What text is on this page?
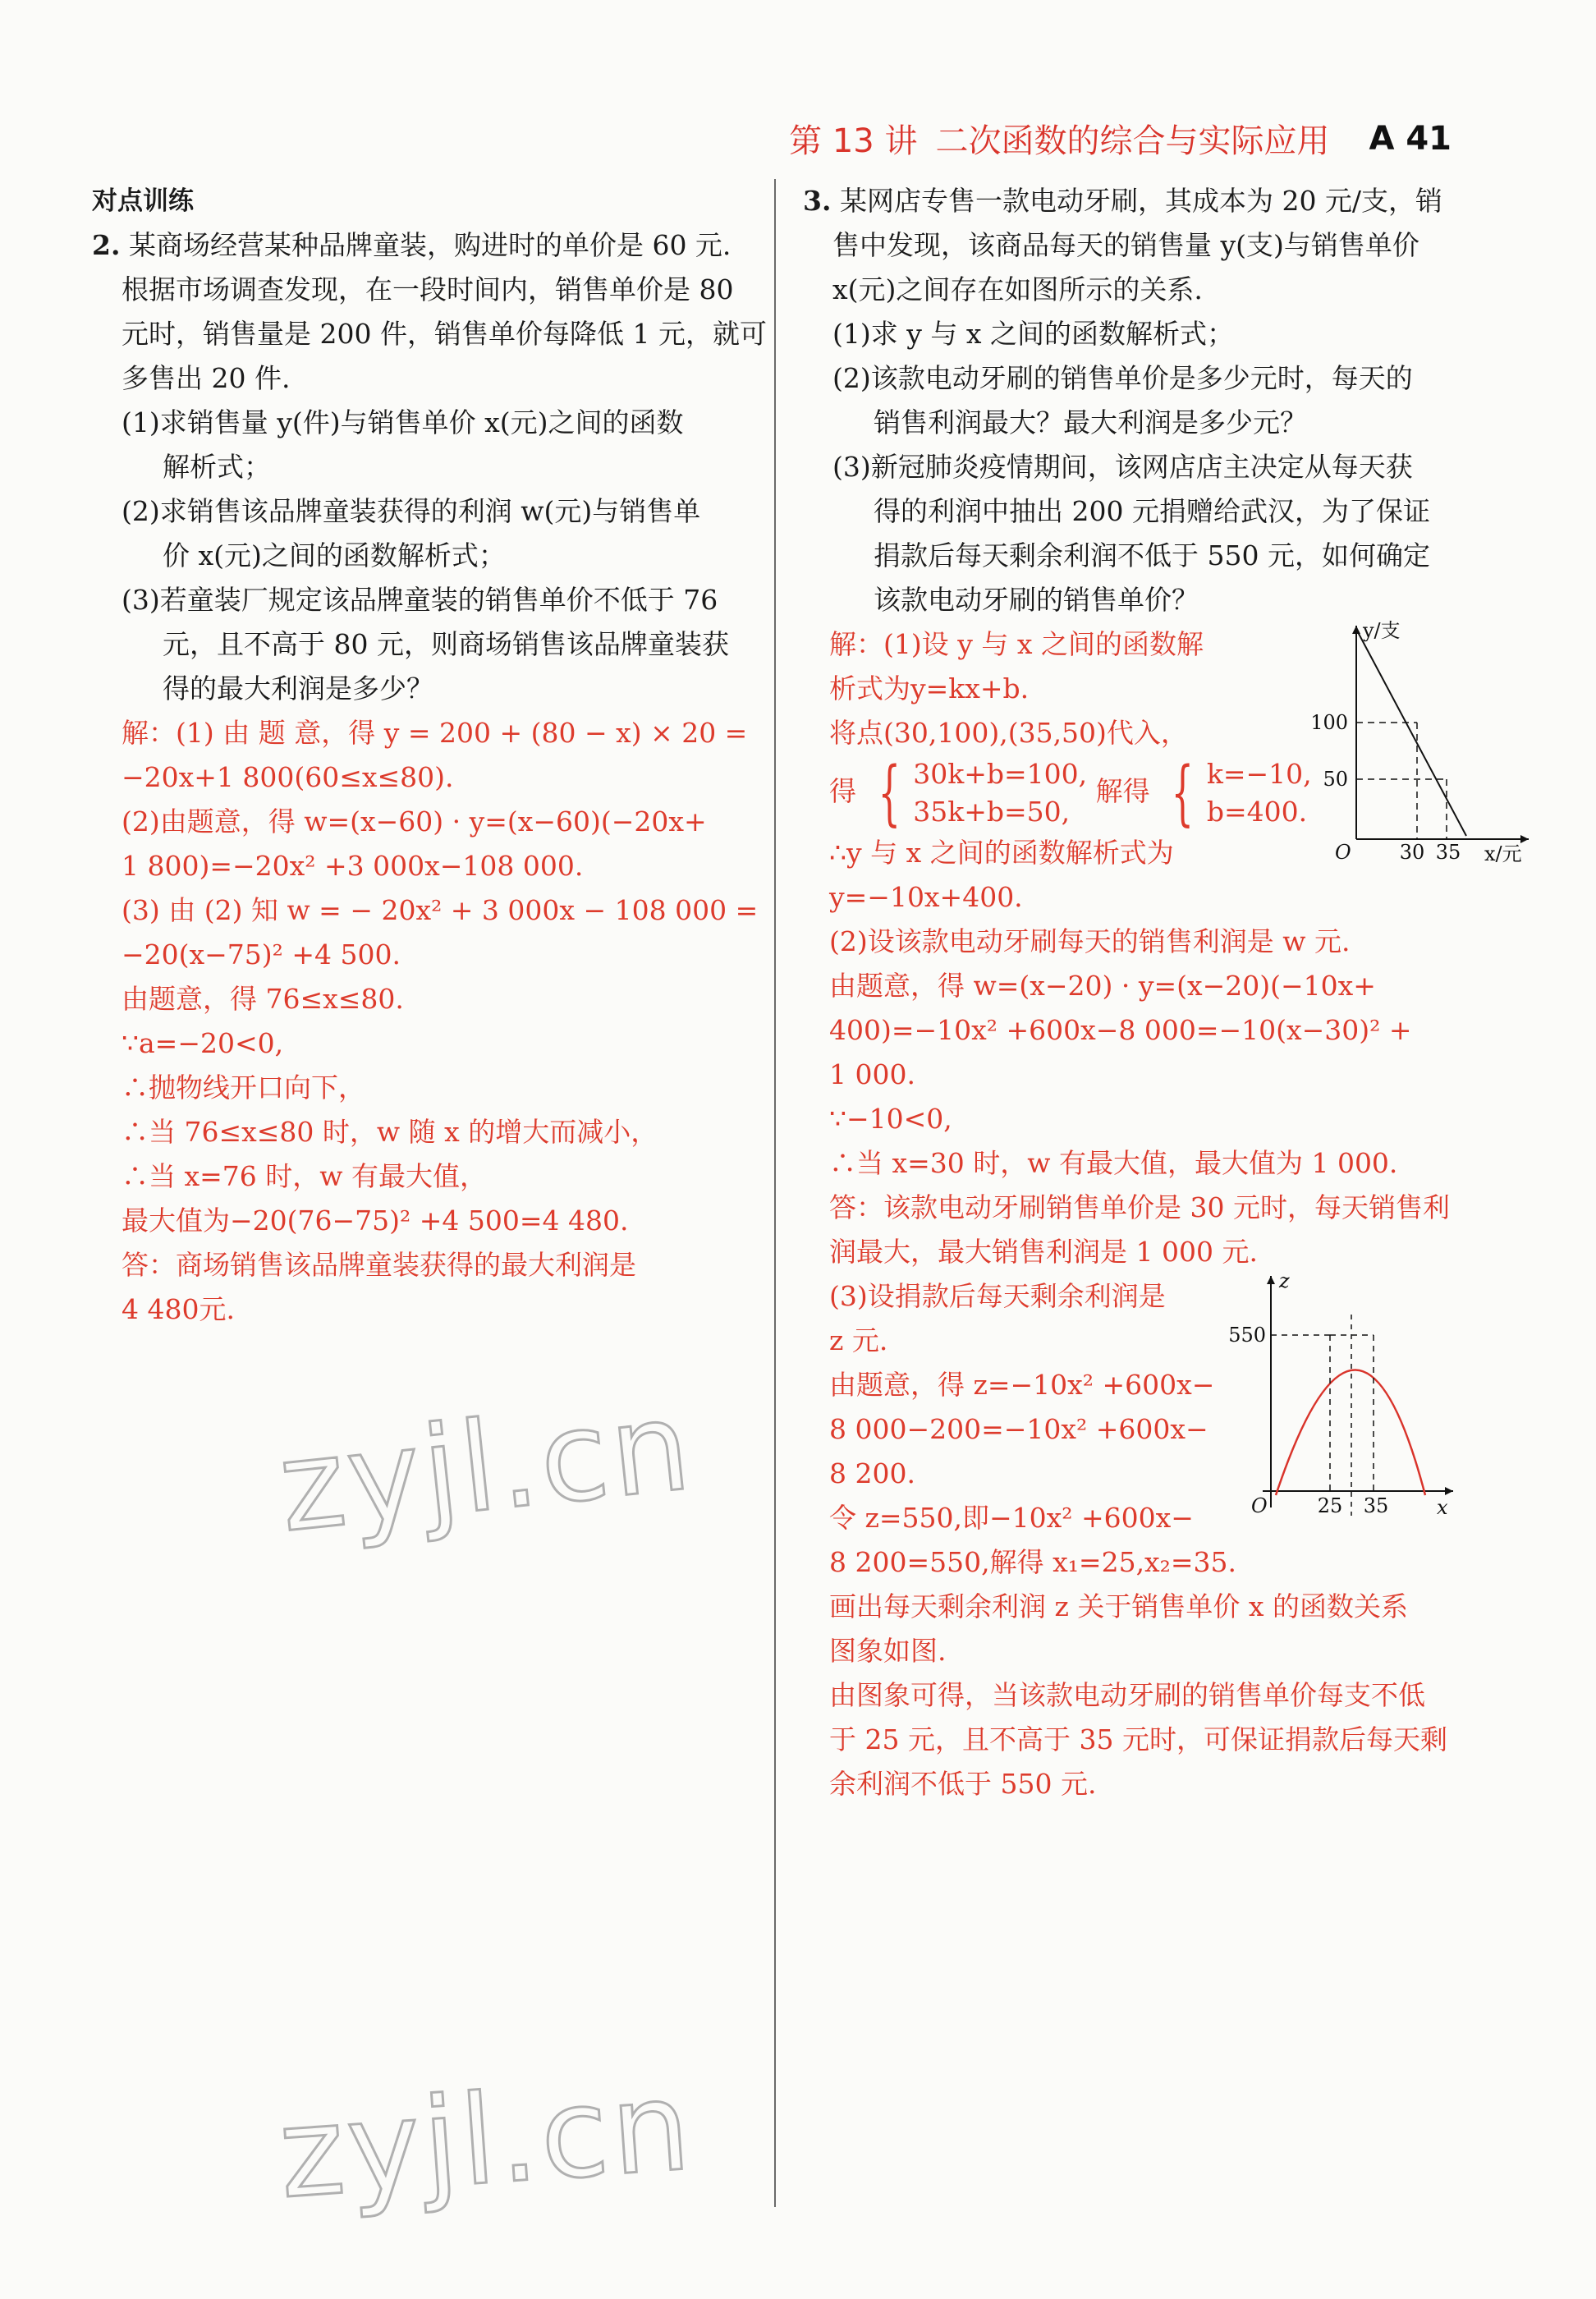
第 13 讲 二次函数的综合与实际应用 A 41
对点训练
2. 某商场经营某种品牌童装，购进时的单价是 60 元.
根据市场调查发现，在一段时间内，销售单价是 80
元时，销售量是 200 件，销售单价每降低 1 元，就可
多售出 20 件.
(1)求销售量 y(件)与销售单价 x(元)之间的函数
解析式；
(2)求销售该品牌童装获得的利润 w(元)与销售单
价 x(元)之间的函数解析式；
(3)若童装厂规定该品牌童装的销售单价不低于 76
元，且不高于 80 元，则商场销售该品牌童装获
得的最大利润是多少？
解：(1) 由 题 意，得 y = 200 + (80 − x) × 20 =
−20x+1 800(60≤x≤80).
(2)由题意，得 w=(x−60) · y=(x−60)(−20x+
1 800)=−20x² +3 000x−108 000.
(3) 由 (2) 知 w = − 20x² + 3 000x − 108 000 =
−20(x−75)² +4 500.
由题意，得 76≤x≤80.
∵a=−20<0,
∴抛物线开口向下，
∴当 76≤x≤80 时，w 随 x 的增大而减小，
∴当 x=76 时，w 有最大值，
最大值为−20(76−75)² +4 500=4 480.
答：商场销售该品牌童装获得的最大利润是
4 480元.
3. 某网店专售一款电动牙刷，其成本为 20 元/支，销
售中发现，该商品每天的销售量 y(支)与销售单价
x(元)之间存在如图所示的关系.
(1)求 y 与 x 之间的函数解析式；
(2)该款电动牙刷的销售单价是多少元时，每天的
销售利润最大？最大利润是多少元？
(3)新冠肺炎疫情期间，该网店店主决定从每天获
得的利润中抽出 200 元捐赠给武汉，为了保证
捐款后每天剩余利润不低于 550 元，如何确定
该款电动牙刷的销售单价？
解：(1)设 y 与 x 之间的函数解
析式为y=kx+b.
将点(30,100),(35,50)代入，
得 { 30k+b=100,
35k+b=50,
解得 { k=−10,
b=400.
∴y 与 x 之间的函数解析式为
y=−10x+400.
y/支
x/元
O
100
50
30 35
(2)设该款电动牙刷每天的销售利润是 w 元.
由题意，得 w=(x−20) · y=(x−20)(−10x+
400)=−10x² +600x−8 000=−10(x−30)² +
1 000.
∵−10<0,
∴当 x=30 时，w 有最大值，最大值为 1 000.
答：该款电动牙刷销售单价是 30 元时，每天销售利
润最大，最大销售利润是 1 000 元.
(3)设捐款后每天剩余利润是
z 元.
由题意，得 z=−10x² +600x−
8 000−200=−10x² +600x−
8 200.
令 z=550,即−10x² +600x−
z
x
O
550
25 35
8 200=550,解得 x₁=25,x₂=35.
画出每天剩余利润 z 关于销售单价 x 的函数关系
图象如图.
由图象可得，当该款电动牙刷的销售单价每支不低
于 25 元，且不高于 35 元时，可保证捐款后每天剩
余利润不低于 550 元.
zyjl.cn
zyjl.cn
